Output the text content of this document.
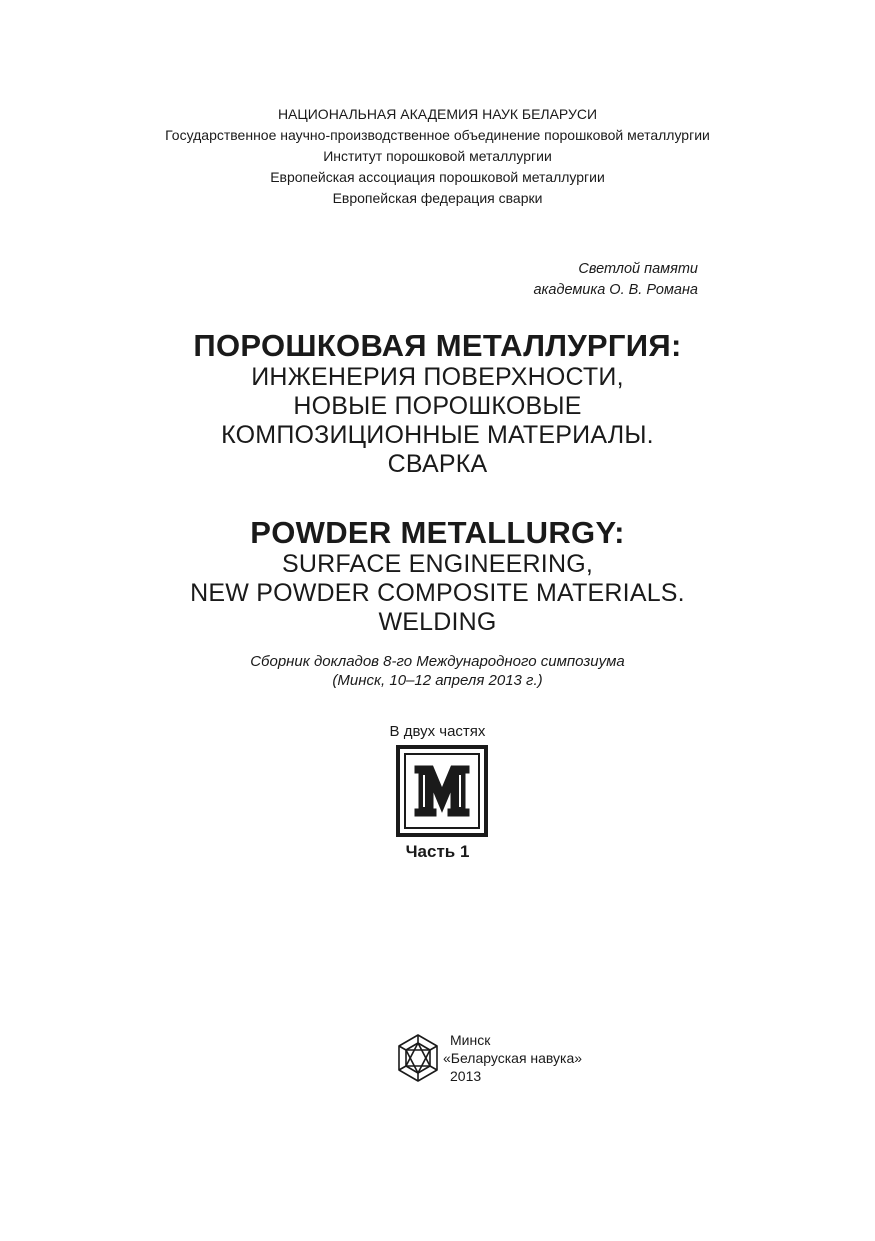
НАЦИОНАЛЬНАЯ АКАДЕМИЯ НАУК БЕЛАРУСИ
Государственное научно-производственное объединение порошковой металлургии
Институт порошковой металлургии
Европейская ассоциация порошковой металлургии
Европейская федерация сварки
Светлой памяти
академика О. В. Романа
ПОРОШКОВАЯ МЕТАЛЛУРГИЯ:
ИНЖЕНЕРИЯ ПОВЕРХНОСТИ,
НОВЫЕ ПОРОШКОВЫЕ
КОМПОЗИЦИОННЫЕ МАТЕРИАЛЫ.
СВАРКА
POWDER METALLURGY:
SURFACE ENGINEERING,
NEW POWDER COMPOSITE MATERIALS.
WELDING
Сборник докладов 8-го Международного симпозиума
(Минск, 10–12 апреля 2013 г.)
В двух частях
Часть 1
Минск
«Беларуская навука»
2013
